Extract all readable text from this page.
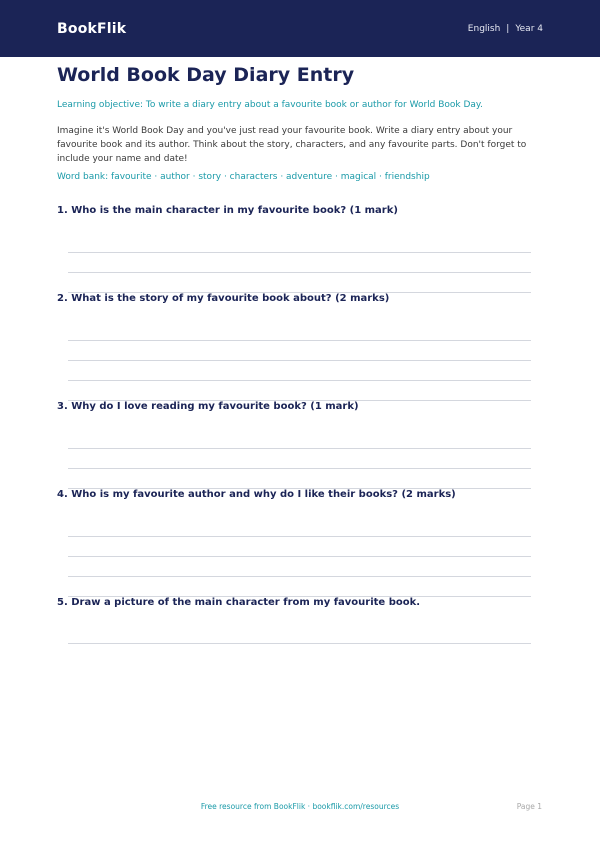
BookFlik	English | Year 4
World Book Day Diary Entry

Learning objective: To write a diary entry about a favourite book or author for World Book Day.

Imagine it's World Book Day and you've just read your favourite book. Write a diary entry about your favourite book and its author. Think about the story, characters, and any favourite parts. Don't forget to include your name and date!

Word bank: favourite · author · story · characters · adventure · magical · friendship

1. Who is the main character in my favourite book? (1 mark)
2. What is the story of my favourite book about? (2 marks)
3. Why do I love reading my favourite book? (1 mark)
4. Who is my favourite author and why do I like their books? (2 marks)
5. Draw a picture of the main character from my favourite book.
Free resource from BookFlik · bookflik.com/resources	Page 1
